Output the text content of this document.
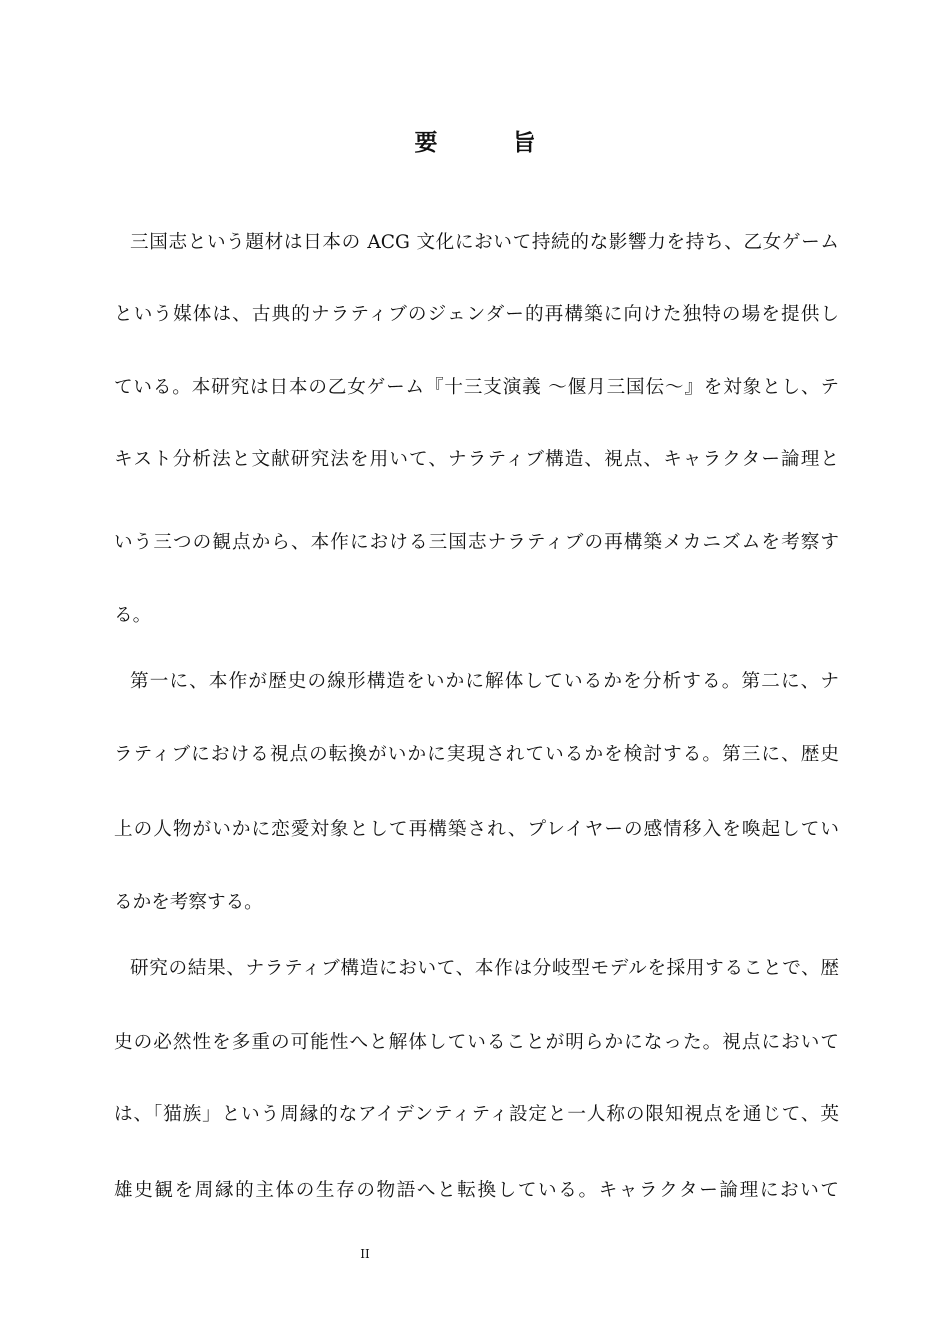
要　旨
三国志という題材は日本の ACG 文化において持続的な影響力を持ち、乙女ゲーム
という媒体は、古典的ナラティブのジェンダー的再構築に向けた独特の場を提供し
ている。本研究は日本の乙女ゲーム『十三支演義 〜偃月三国伝〜』を対象とし、テ
キスト分析法と文献研究法を用いて、ナラティブ構造、視点、キャラクター論理と
いう三つの観点から、本作における三国志ナラティブの再構築メカニズムを考察す
る。
第一に、本作が歴史の線形構造をいかに解体しているかを分析する。第二に、ナ
ラティブにおける視点の転換がいかに実現されているかを検討する。第三に、歴史
上の人物がいかに恋愛対象として再構築され、プレイヤーの感情移入を喚起してい
るかを考察する。
研究の結果、ナラティブ構造において、本作は分岐型モデルを採用することで、歴
史の必然性を多重の可能性へと解体していることが明らかになった。視点において
は、「猫族」という周縁的なアイデンティティ設定と一人称の限知視点を通じて、英
雄史観を周縁的主体の生存の物語へと転換している。キャラクター論理において
II
